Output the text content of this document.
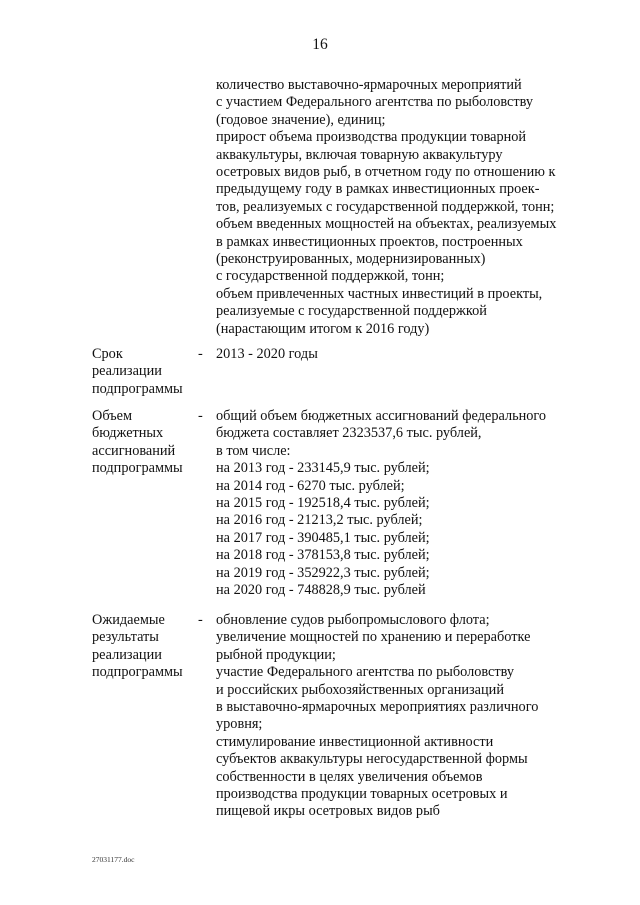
16
количество выставочно-ярмарочных мероприятий
с участием Федерального агентства по рыболовству
(годовое значение), единиц;
прирост объема производства продукции товарной
аквакультуры, включая товарную аквакультуру
осетровых видов рыб, в отчетном году по отношению к
предыдущему году в рамках инвестиционных проек-
тов, реализуемых с государственной поддержкой, тонн;
объем введенных мощностей на объектах, реализуемых
в рамках инвестиционных проектов, построенных
(реконструированных, модернизированных)
с государственной поддержкой, тонн;
объем привлеченных частных инвестиций в проекты,
реализуемые с государственной поддержкой
(нарастающим итогом к 2016 году)
Срок
реализации
подпрограммы
- 2013 - 2020 годы
Объем
бюджетных
ассигнований
подпрограммы
- общий объем бюджетных ассигнований федерального
бюджета составляет 2323537,6 тыс. рублей,
в том числе:
на 2013 год - 233145,9 тыс. рублей;
на 2014 год - 6270 тыс. рублей;
на 2015 год - 192518,4 тыс. рублей;
на 2016 год - 21213,2 тыс. рублей;
на 2017 год - 390485,1 тыс. рублей;
на 2018 год - 378153,8 тыс. рублей;
на 2019 год - 352922,3 тыс. рублей;
на 2020 год - 748828,9 тыс. рублей
Ожидаемые
результаты
реализации
подпрограммы
- обновление судов рыбопромыслового флота;
увеличение мощностей по хранению и переработке
рыбной продукции;
участие Федерального агентства по рыболовству
и российских рыбохозяйственных организаций
в выставочно-ярмарочных мероприятиях различного
уровня;
стимулирование инвестиционной активности
субъектов аквакультуры негосударственной формы
собственности в целях увеличения объемов
производства продукции товарных осетровых и
пищевой икры осетровых видов рыб
27031177.doc
